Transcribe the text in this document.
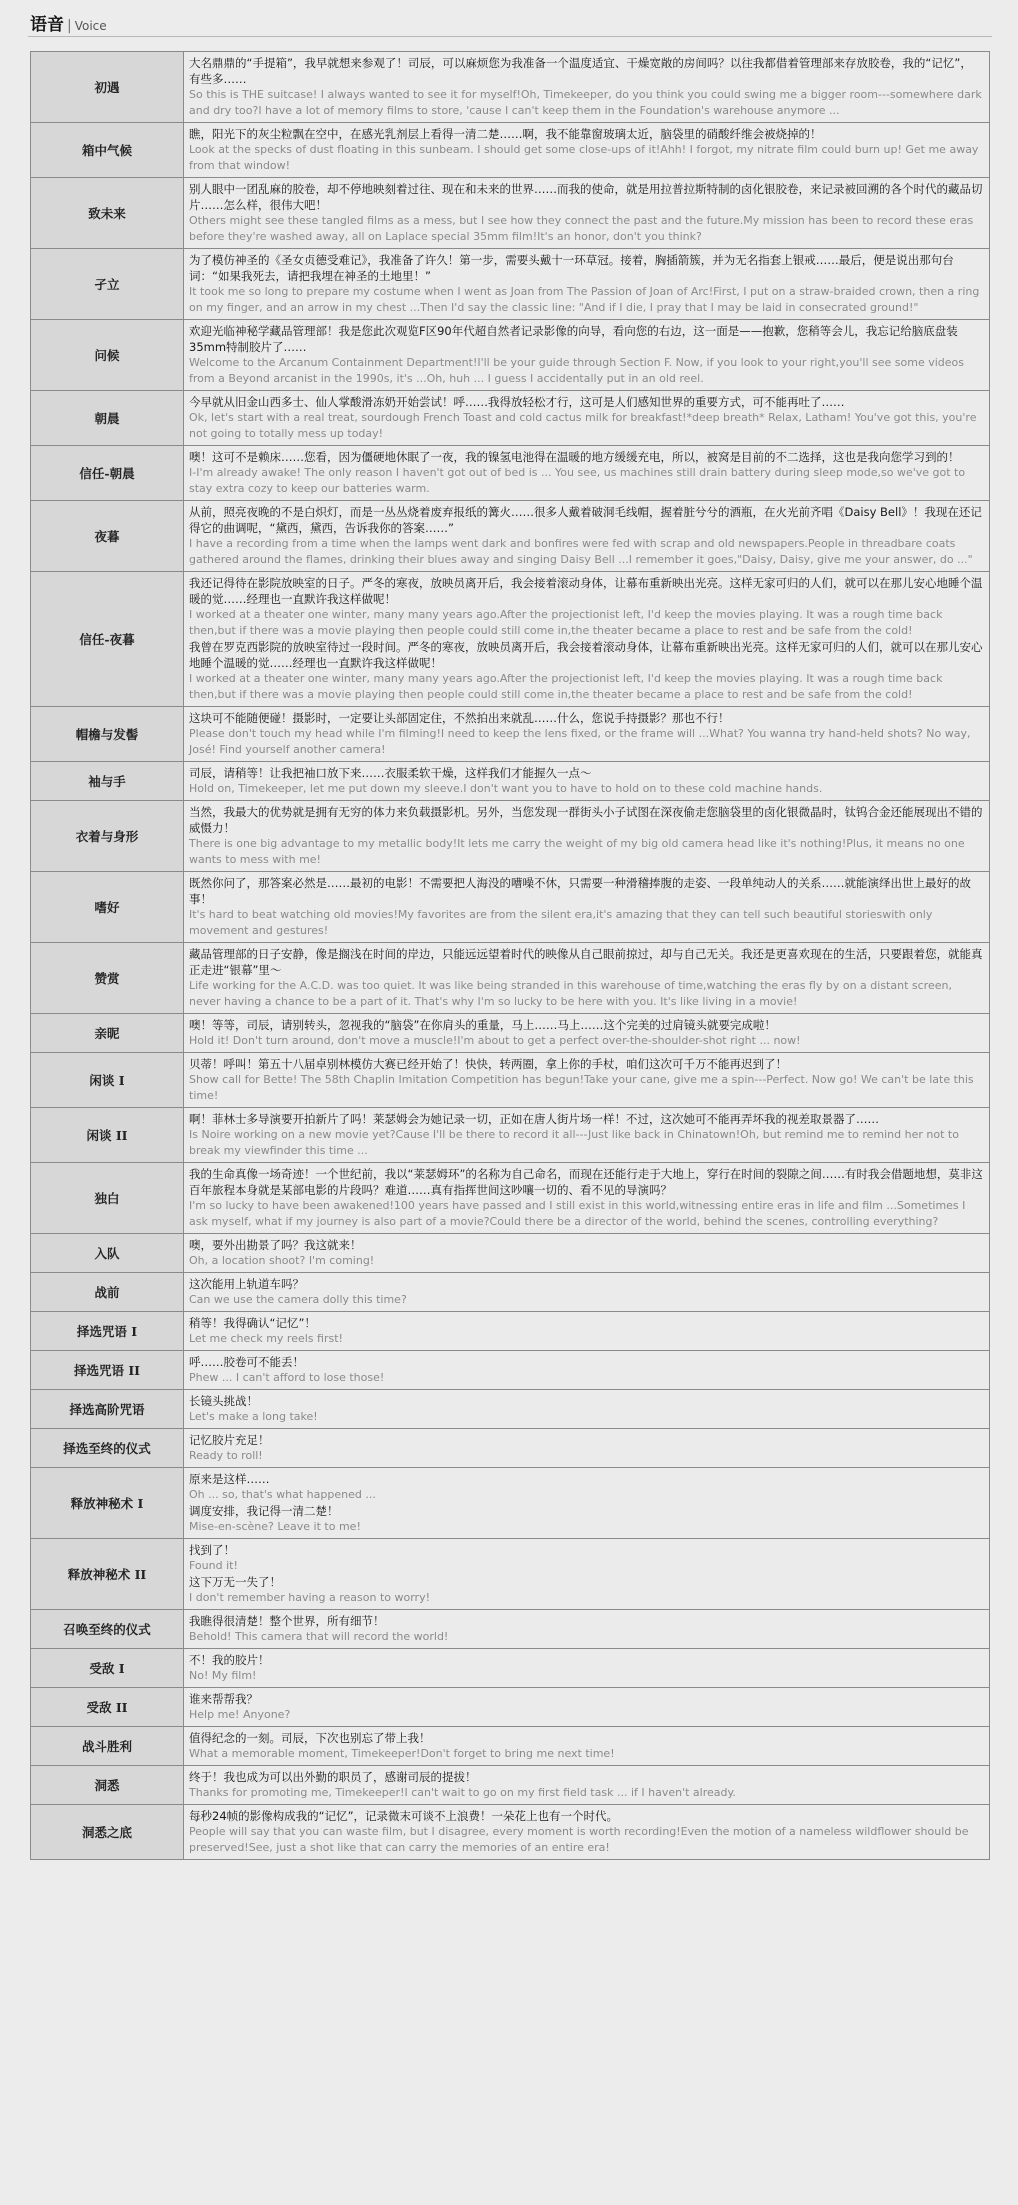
语音 | Voice
初遇	大名鼎鼎的“手提箱”，我早就想来参观了！司辰，可以麻烦您为我准备一个温度适宜、干燥宽敞的房间吗？以往我都借着管理部来存放胶卷，我的“记忆”，有些多……
So this is THE suitcase! I always wanted to see it for myself!Oh, Timekeeper, do you think you could swing me a bigger room---somewhere dark and dry too?I have a lot of memory films to store, 'cause I can't keep them in the Foundation's warehouse anymore ...

箱中气候	瞧，阳光下的灰尘粒飘在空中，在感光乳剂层上看得一清二楚……啊，我不能靠窗玻璃太近，脑袋里的硝酸纤维会被烧掉的！
Look at the specks of dust floating in this sunbeam. I should get some close-ups of it!Ahh! I forgot, my nitrate film could burn up! Get me away from that window!

致未来	别人眼中一团乱麻的胶卷，却不停地映刻着过往、现在和未来的世界……而我的使命，就是用拉普拉斯特制的卤化银胶卷，来记录被回溯的各个时代的藏品切片……怎么样，很伟大吧！
Others might see these tangled films as a mess, but I see how they connect the past and the future.My mission has been to record these eras before they're washed away, all on Laplace special 35mm film!It's an honor, don't you think?

孑立	为了模仿神圣的《圣女贞德受难记》，我准备了许久！第一步，需要头戴十一环草冠。接着，胸插箭簇，并为无名指套上银戒……最后，便是说出那句台词：“如果我死去，请把我埋在神圣的土地里！”
It took me so long to prepare my costume when I went as Joan from The Passion of Joan of Arc!First, I put on a straw-braided crown, then a ring on my finger, and an arrow in my chest ...Then I'd say the classic line: "And if I die, I pray that I may be laid in consecrated ground!"

问候	欢迎光临神秘学藏品管理部！我是您此次观览F区90年代超自然者记录影像的向导，看向您的右边，这一面是——抱歉，您稍等会儿，我忘记给脑底盘装35mm特制胶片了……
Welcome to the Arcanum Containment Department!I'll be your guide through Section F. Now, if you look to your right,you'll see some videos from a Beyond arcanist in the 1990s, it's ...Oh, huh ... I guess I accidentally put in an old reel.

朝晨	今早就从旧金山西多士、仙人掌酸滑冻奶开始尝试！呼……我得放轻松才行，这可是人们感知世界的重要方式，可不能再吐了……
Ok, let's start with a real treat, sourdough French Toast and cold cactus milk for breakfast!*deep breath* Relax, Latham! You've got this, you're not going to totally mess up today!

信任-朝晨	噢！这可不是赖床……您看，因为僵硬地休眠了一夜，我的镍氢电池得在温暖的地方缓缓充电，所以，被窝是目前的不二选择，这也是我向您学习到的！
I-I'm already awake! The only reason I haven't got out of bed is ... You see, us machines still drain battery during sleep mode,so we've got to stay extra cozy to keep our batteries warm.

夜暮	从前，照亮夜晚的不是白炽灯，而是一丛丛烧着废弃报纸的篝火……很多人戴着破洞毛线帽，握着脏兮兮的酒瓶，在火光前齐唱《Daisy Bell》！我现在还记得它的曲调呢，“黛西，黛西，告诉我你的答案……”
I have a recording from a time when the lamps went dark and bonfires were fed with scrap and old newspapers.People in threadbare coats gathered around the flames, drinking their blues away and singing Daisy Bell ...I remember it goes,"Daisy, Daisy, give me your answer, do ..."

信任-夜暮	我还记得待在影院放映室的日子。严冬的寒夜，放映员离开后，我会接着滚动身体，让幕布重新映出光亮。这样无家可归的人们，就可以在那儿安心地睡个温暖的觉……经理也一直默许我这样做呢！
I worked at a theater one winter, many many years ago.After the projectionist left, I'd keep the movies playing. It was a rough time back then,but if there was a movie playing then people could still come in,the theater became a place to rest and be safe from the cold!
我曾在罗克西影院的放映室待过一段时间。严冬的寒夜，放映员离开后，我会接着滚动身体，让幕布重新映出光亮。这样无家可归的人们，就可以在那儿安心地睡个温暖的觉……经理也一直默许我这样做呢！
I worked at a theater one winter, many many years ago.After the projectionist left, I'd keep the movies playing. It was a rough time back then,but if there was a movie playing then people could still come in,the theater became a place to rest and be safe from the cold!

帽檐与发髻	这块可不能随便碰！摄影时，一定要让头部固定住，不然拍出来就乱……什么，您说手持摄影？那也不行！
Please don't touch my head while I'm filming!I need to keep the lens fixed, or the frame will ...What? You wanna try hand-held shots? No way, José! Find yourself another camera!

袖与手	司辰，请稍等！让我把袖口放下来……衣服柔软干燥，这样我们才能握久一点～
Hold on, Timekeeper, let me put down my sleeve.I don't want you to have to hold on to these cold machine hands.

衣着与身形	当然，我最大的优势就是拥有无穷的体力来负载摄影机。另外，当您发现一群街头小子试图在深夜偷走您脑袋里的卤化银微晶时，钛钨合金还能展现出不错的威慑力！
There is one big advantage to my metallic body!It lets me carry the weight of my big old camera head like it's nothing!Plus, it means no one wants to mess with me!

嗜好	既然你问了，那答案必然是……最初的电影！不需要把人海没的嘈噪不休，只需要一种滑稽捧腹的走姿、一段单纯动人的关系……就能演绎出世上最好的故事！
It's hard to beat watching old movies!My favorites are from the silent era,it's amazing that they can tell such beautiful storieswith only movement and gestures!

赞赏	藏品管理部的日子安静，像是搁浅在时间的岸边，只能远远望着时代的映像从自己眼前掠过，却与自己无关。我还是更喜欢现在的生活，只要跟着您，就能真正走进“银幕”里～
Life working for the A.C.D. was too quiet. It was like being stranded in this warehouse of time,watching the eras fly by on a distant screen, never having a chance to be a part of it. That's why I'm so lucky to be here with you. It's like living in a movie!

亲昵	噢！等等，司辰，请别转头，忽视我的“脑袋”在你肩头的重量，马上……马上……这个完美的过肩镜头就要完成啦！
Hold it! Don't turn around, don't move a muscle!I'm about to get a perfect over-the-shoulder-shot right ... now!

闲谈 I	贝蒂！呼叫！第五十八届卓别林模仿大赛已经开始了！快快，转两圈，拿上你的手杖，咱们这次可千万不能再迟到了！
Show call for Bette! The 58th Chaplin Imitation Competition has begun!Take your cane, give me a spin---Perfect. Now go! We can't be late this time!

闲谈 II	啊！菲林士多导演要开拍新片了吗！莱瑟姆会为她记录一切，正如在唐人街片场一样！不过，这次她可不能再弄坏我的视差取景器了……
Is Noire working on a new movie yet?Cause I'll be there to record it all---Just like back in Chinatown!Oh, but remind me to remind her not to break my viewfinder this time ...

独白	我的生命真像一场奇迹！一个世纪前，我以“莱瑟姆环”的名称为自己命名，而现在还能行走于大地上，穿行在时间的裂隙之间……有时我会借题地想，莫非这百年旅程本身就是某部电影的片段吗？难道……真有指挥世间这吵嚷一切的、看不见的导演吗？
I'm so lucky to have been awakened!100 years have passed and I still exist in this world,witnessing entire eras in life and film ...Sometimes I ask myself, what if my journey is also part of a movie?Could there be a director of the world, behind the scenes, controlling everything?

入队	噢，要外出勘景了吗？我这就来！
Oh, a location shoot? I'm coming!

战前	这次能用上轨道车吗？
Can we use the camera dolly this time?

择选咒语 I	稍等！我得确认“记忆”！
Let me check my reels first!

择选咒语 II	呼……胶卷可不能丢！
Phew ... I can't afford to lose those!

择选高阶咒语	长镜头挑战！
Let's make a long take!

择选至终的仪式	记忆胶片充足！
Ready to roll!

释放神秘术 I	原来是这样……
Oh ... so, that's what happened ...
调度安排，我记得一清二楚！
Mise-en-scène? Leave it to me!

释放神秘术 II	找到了！
Found it!
这下万无一失了！
I don't remember having a reason to worry!

召唤至终的仪式	我瞧得很清楚！整个世界，所有细节！
Behold! This camera that will record the world!

受敌 I	不！我的胶片！
No! My film!

受敌 II	谁来帮帮我？
Help me! Anyone?

战斗胜利	值得纪念的一刻。司辰，下次也别忘了带上我！
What a memorable moment, Timekeeper!Don't forget to bring me next time!

洞悉	终于！我也成为可以出外勤的职员了，感谢司辰的提拔！
Thanks for promoting me, Timekeeper!I can't wait to go on my first field task ... if I haven't already.

洞悉之底	每秒24帧的影像构成我的“记忆”，记录微末可谈不上浪费！一朵花上也有一个时代。
People will say that you can waste film, but I disagree, every moment is worth recording!Even the motion of a nameless wildflower should be preserved!See, just a shot like that can carry the memories of an entire era!
